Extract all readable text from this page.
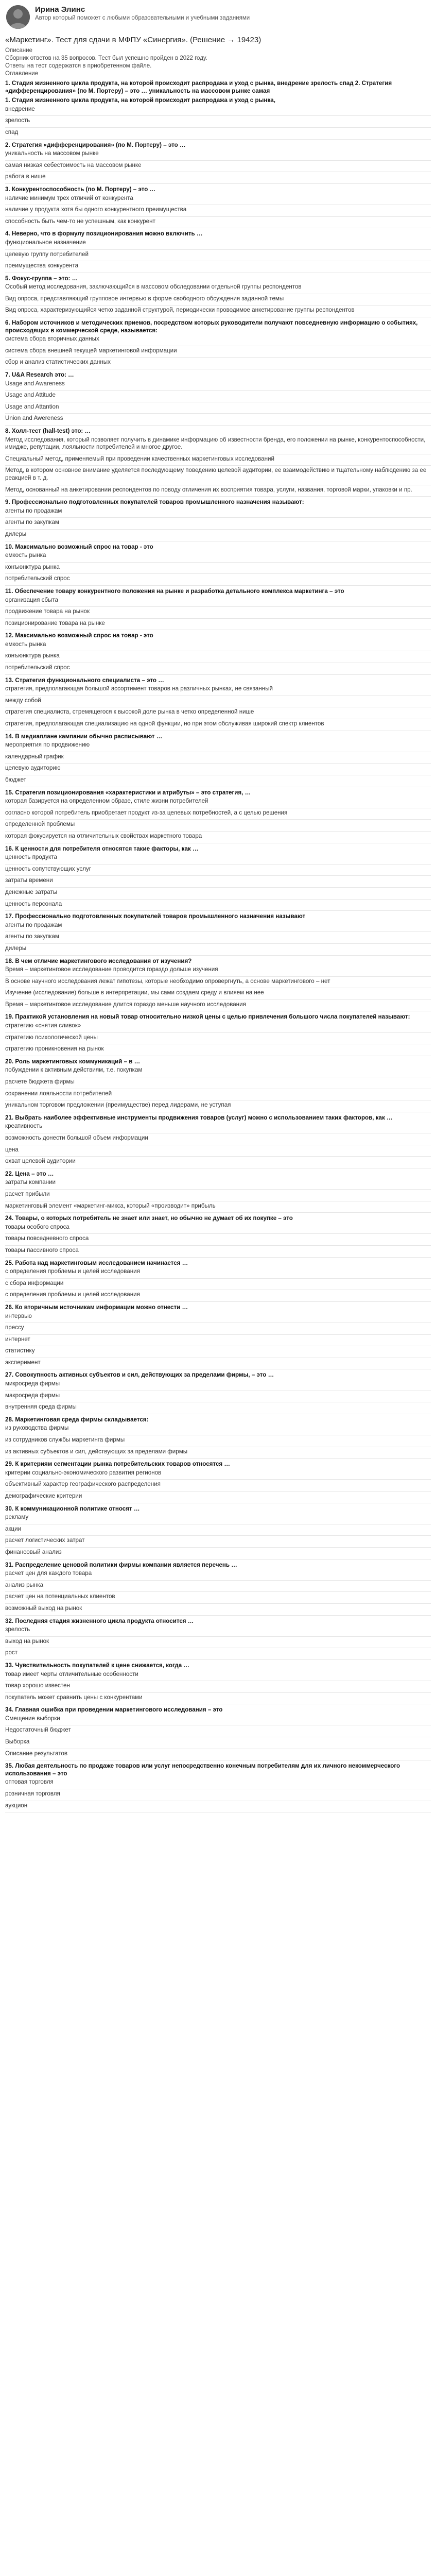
Ирина Элинс
Автор который поможет с любыми образовательными и учебными заданиями
«Маркетинг». Тест для сдачи в МФПУ «Синергия». (Решение → 19423)
Описание
Сборник ответов на 35 вопросов. Тест был успешно пройден в 2022 году.
Ответы на тест содержатся в приобретенном файле.
Оглавление
1. Стадия жизненного цикла продукта, на которой происходит распродажа и уход с рынка, внедрение зрелость спад 2. Стратегия «дифференцирования» (по М. Портеру) – это … уникальность на массовом рынке самая
1. Стадия жизненного цикла продукта, на которой происходит распродажа и уход с рынка,
внедрение
зрелость
спад
2. Стратегия «дифференцирования» (по М. Портеру) – это …
уникальность на массовом рынке
самая низкая себестоимость на массовом рынке
работа в нише
3. Конкурентоспособность (по М. Портеру) – это …
наличие минимум трех отличий от конкурента
наличие у продукта хотя бы одного конкурентного преимущества
способность быть чем-то не успешным, как конкурент
4. Неверно, что в формулу позиционирования можно включить …
функциональное назначение
целевую группу потребителей
преимущества конкурента
5. Фокус-группа – это: …
Особый метод исследования, заключающийся в массовом обследовании отдельной группы респондентов
Вид опроса, представляющий групповое интервью в форме свободного обсуждения заданной темы
Вид опроса, характеризующийся четко заданной структурой, периодически проводимое анкетирование группы респондентов
6. Набором источников и методических приемов, посредством которых руководители получают повседневную информацию о событиях, происходящих в коммерческой среде, называется:
система сбора вторичных данных
система сбора внешней текущей маркетинговой информации
сбор и анализ статистических данных
7. U&A Research это: …
Usage and Awareness
Usage and Attitude
Usage and Attantion
Union and Awereness
8. Холл-тест (hall-test) это: …
Метод исследования, который позволяет получить в динамике информацию об известности бренда, его положении на рынке, конкурентоспособности, имидже, репутации, лояльности потребителей и многое другое.
Специальный метод, применяемый при проведении качественных маркетинговых исследований
Метод, в котором основное внимание уделяется последующему поведению целевой аудитории, ее взаимодействию и тщательному наблюдению за ее реакцией в т. д.
Метод, основанный на анкетировании респондентов по поводу отличения их восприятия товара, услуги, названия, торговой марки, упаковки и пр.
9. Профессионально подготовленных покупателей товаров промышленного назначения называют:
агенты по продажам
агенты по закупкам
дилеры
10. Максимально возможный спрос на товар - это
емкость рынка
конъюнктура рынка
потребительский спрос
11. Обеспечение товару конкурентного положения на рынке и разработка детального комплекса маркетинга – это
организация сбыта
продвижение товара на рынок
позиционирование товара на рынке
12. Максимально возможный спрос на товар - это
емкость рынка
конъюнктура рынка
потребительский спрос
13. Стратегия функционального специалиста – это …
стратегия, предполагающая большой ассортимент товаров на различных рынках, не связанный
между собой
стратегия специалиста, стремящегося к высокой доле рынка в четко определенной нише
стратегия, предполагающая специализацию на одной функции, но при этом обслуживая широкий спектр клиентов
14. В медиаплане кампании обычно расписывают …
мероприятия по продвижению
календарный график
целевую аудиторию
бюджет
15. Стратегия позиционирования «характеристики и атрибуты» – это стратегия, …
которая базируется на определенном образе, стиле жизни потребителей
согласно которой потребитель приобретает продукт из-за целевых потребностей, а с целью решения
определенной проблемы
которая фокусируется на отличительных свойствах маркетного товара
16. К ценности для потребителя относятся такие факторы, как …
ценность продукта
ценность сопутствующих услуг
затраты времени
денежные затраты
ценность персонала
17. Профессионально подготовленных покупателей товаров промышленного назначения называют
агенты по продажам
агенты по закупкам
дилеры
18. В чем отличие маркетингового исследования от изучения?
Время – маркетинговое исследование проводится гораздо дольше изучения
В основе научного исследования лежат гипотезы, которые необходимо опровергнуть, а основе маркетингового – нет
Изучение (исследование) больше в интерпретации, мы сами создаем среду и влияем на нее
Время – маркетинговое исследование длится гораздо меньше научного исследования
19. Практикой установления на новый товар относительно низкой цены с целью привлечения большого числа покупателей называют:
стратегию «снятия сливок»
стратегию психологической цены
стратегию проникновения на рынок
20. Роль маркетинговых коммуникаций – в …
побуждении к активным действиям, т.е. покупкам
расчете бюджета фирмы
сохранении лояльности потребителей
уникальном торговом предложении (преимуществе) перед лидерами, не уступая
21. Выбрать наиболее эффективные инструменты продвижения товаров (услуг) можно с использованием таких факторов, как …
креативность
возможность донести большой объем информации
цена
охват целевой аудитории
22. Цена – это …
затраты компании
расчет прибыли
маркетинговый элемент «маркетинг-микса, который «производит» прибыль
24. Товары, о которых потребитель не знает или знает, но обычно не думает об их покупке – это
товары особого спроса
товары повседневного спроса
товары пассивного спроса
25. Работа над маркетинговым исследованием начинается …
с определения проблемы и целей исследования
с сбора информации
с определения проблемы и целей исследования
26. Ко вторичным источникам информации можно отнести …
интервью
прессу
интернет
статистику
эксперимент
27. Совокупность активных субъектов и сил, действующих за пределами фирмы, – это …
микросреда фирмы
макросреда фирмы
внутренняя среда фирмы
28. Маркетинговая среда фирмы складывается:
из руководства фирмы
из сотрудников службы маркетинга фирмы
из активных субъектов и сил, действующих за пределами фирмы
29. К критериям сегментации рынка потребительских товаров относятся …
критерии социально-экономического развития регионов
объективный характер географического распределения
демографические критерии
30. К коммуникационной политике относят …
рекламу
акции
расчет логистических затрат
финансовый анализ
31. Распределение ценовой политики фирмы компании является перечень …
расчет цен для каждого товара
анализ рынка
расчет цен на потенциальных клиентов
возможный выход на рынок
32. Последняя стадия жизненного цикла продукта относится …
зрелость
выход на рынок
рост
33. Чувствительность покупателей к цене снижается, когда …
товар имеет черты отличительные особенности
товар хорошо известен
покупатель может сравнить цены с конкурентами
34. Главная ошибка при проведении маркетингового исследования – это
Смещение выборки
Недостаточный бюджет
Выборка
Описание результатов
35. Любая деятельность по продаже товаров или услуг непосредственно конечным потребителям для их личного некоммерческого использования – это
оптовая торговля
розничная торговля
аукцион
